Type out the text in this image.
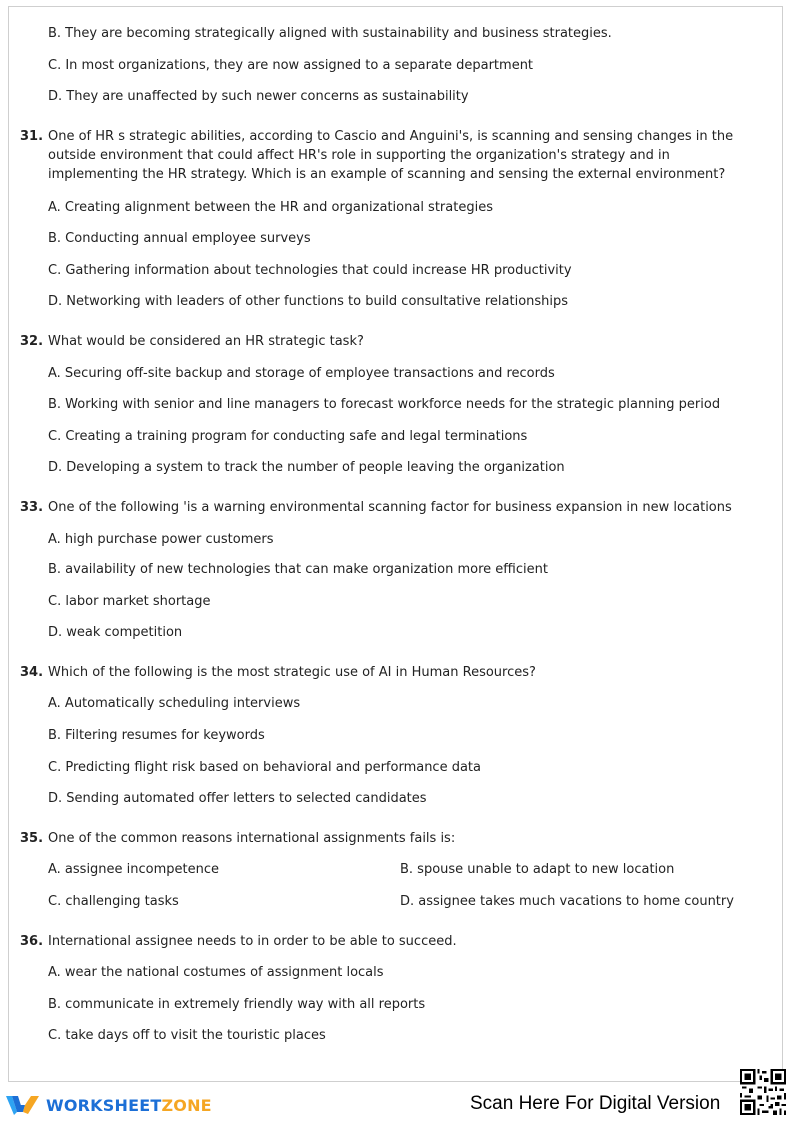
B. They are becoming strategically aligned with sustainability and business strategies.
C. In most organizations, they are now assigned to a separate department
D. They are unaffected by such newer concerns as sustainability
31. One of HR s strategic abilities, according to Cascio and Anguini's, is scanning and sensing changes in the outside environment that could affect HR's role in supporting the organization's strategy and in implementing the HR strategy. Which is an example of scanning and sensing the external environment?
A. Creating alignment between the HR and organizational strategies
B. Conducting annual employee surveys
C. Gathering information about technologies that could increase HR productivity
D. Networking with leaders of other functions to build consultative relationships
32. What would be considered an HR strategic task?
A. Securing off-site backup and storage of employee transactions and records
B. Working with senior and line managers to forecast workforce needs for the strategic planning period
C. Creating a training program for conducting safe and legal terminations
D. Developing a system to track the number of people leaving the organization
33. One of the following 'is a warning environmental scanning factor for business expansion in new locations
A. high purchase power customers
B. availability of new technologies that can make organization more efficient
C. labor market shortage
D. weak competition
34. Which of the following is the most strategic use of AI in Human Resources?
A. Automatically scheduling interviews
B. Filtering resumes for keywords
C. Predicting flight risk based on behavioral and performance data
D. Sending automated offer letters to selected candidates
35. One of the common reasons international assignments fails is:
A. assignee incompetence	B. spouse unable to adapt to new location
C. challenging tasks	D. assignee takes much vacations to home country
36. International assignee needs to in order to be able to succeed.
A. wear the national costumes of assignment locals
B. communicate in extremely friendly way with all reports
C. take days off to visit the touristic places
WORKSHEETZONE	Scan Here For Digital Version
